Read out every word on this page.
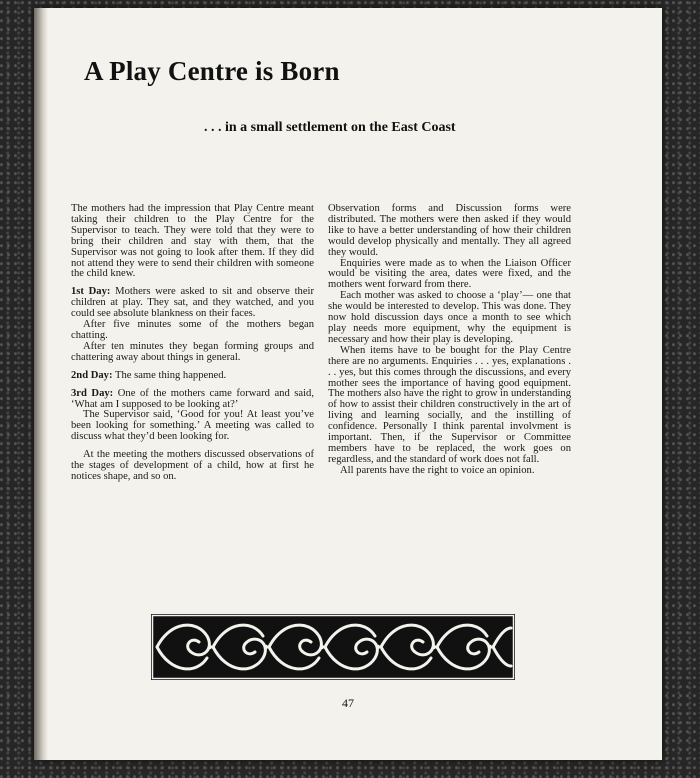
A Play Centre is Born
. . . in a small settlement on the East Coast

The mothers had the impression that Play Centre meant taking their children to the Play Centre for the Supervisor to teach. They were told that they were to bring their children and stay with them, that the Supervisor was not going to look after them. If they did not attend they were to send their children with someone the child knew.

1st Day: Mothers were asked to sit and observe their children at play. They sat, and they watched, and you could see absolute blankness on their faces.

After five minutes some of the mothers began chatting.

After ten minutes they began forming groups and chattering away about things in general.

2nd Day: The same thing happened.

3rd Day: One of the mothers came forward and said, ‘What am I supposed to be looking at?’

The Supervisor said, ‘Good for you! At least you’ve been looking for something.’ A meeting was called to discuss what they’d been looking for.

At the meeting the mothers discussed observations of the stages of development of a child, how at first he notices shape, and so on.

Observation forms and Discussion forms were distributed. The mothers were then asked if they would like to have a better understanding of how their children would develop physically and mentally. They all agreed they would.

Enquiries were made as to when the Liaison Officer would be visiting the area, dates were fixed, and the mothers went forward from there.

Each mother was asked to choose a ‘play’— one that she would be interested to develop. This was done. They now hold discussion days once a month to see which play needs more equipment, why the equipment is necessary and how their play is developing.

When items have to be bought for the Play Centre there are no arguments. Enquiries . . . yes, explanations . . . yes, but this comes through the discussions, and every mother sees the importance of having good equipment. The mothers also have the right to grow in understanding of how to assist their children constructively in the art of living and learning socially, and the instilling of confidence. Personally I think parental involvment is important. Then, if the Supervisor or Committee members have to be replaced, the work goes on regardless, and the standard of work does not fall.

All parents have the right to voice an opinion.

47
